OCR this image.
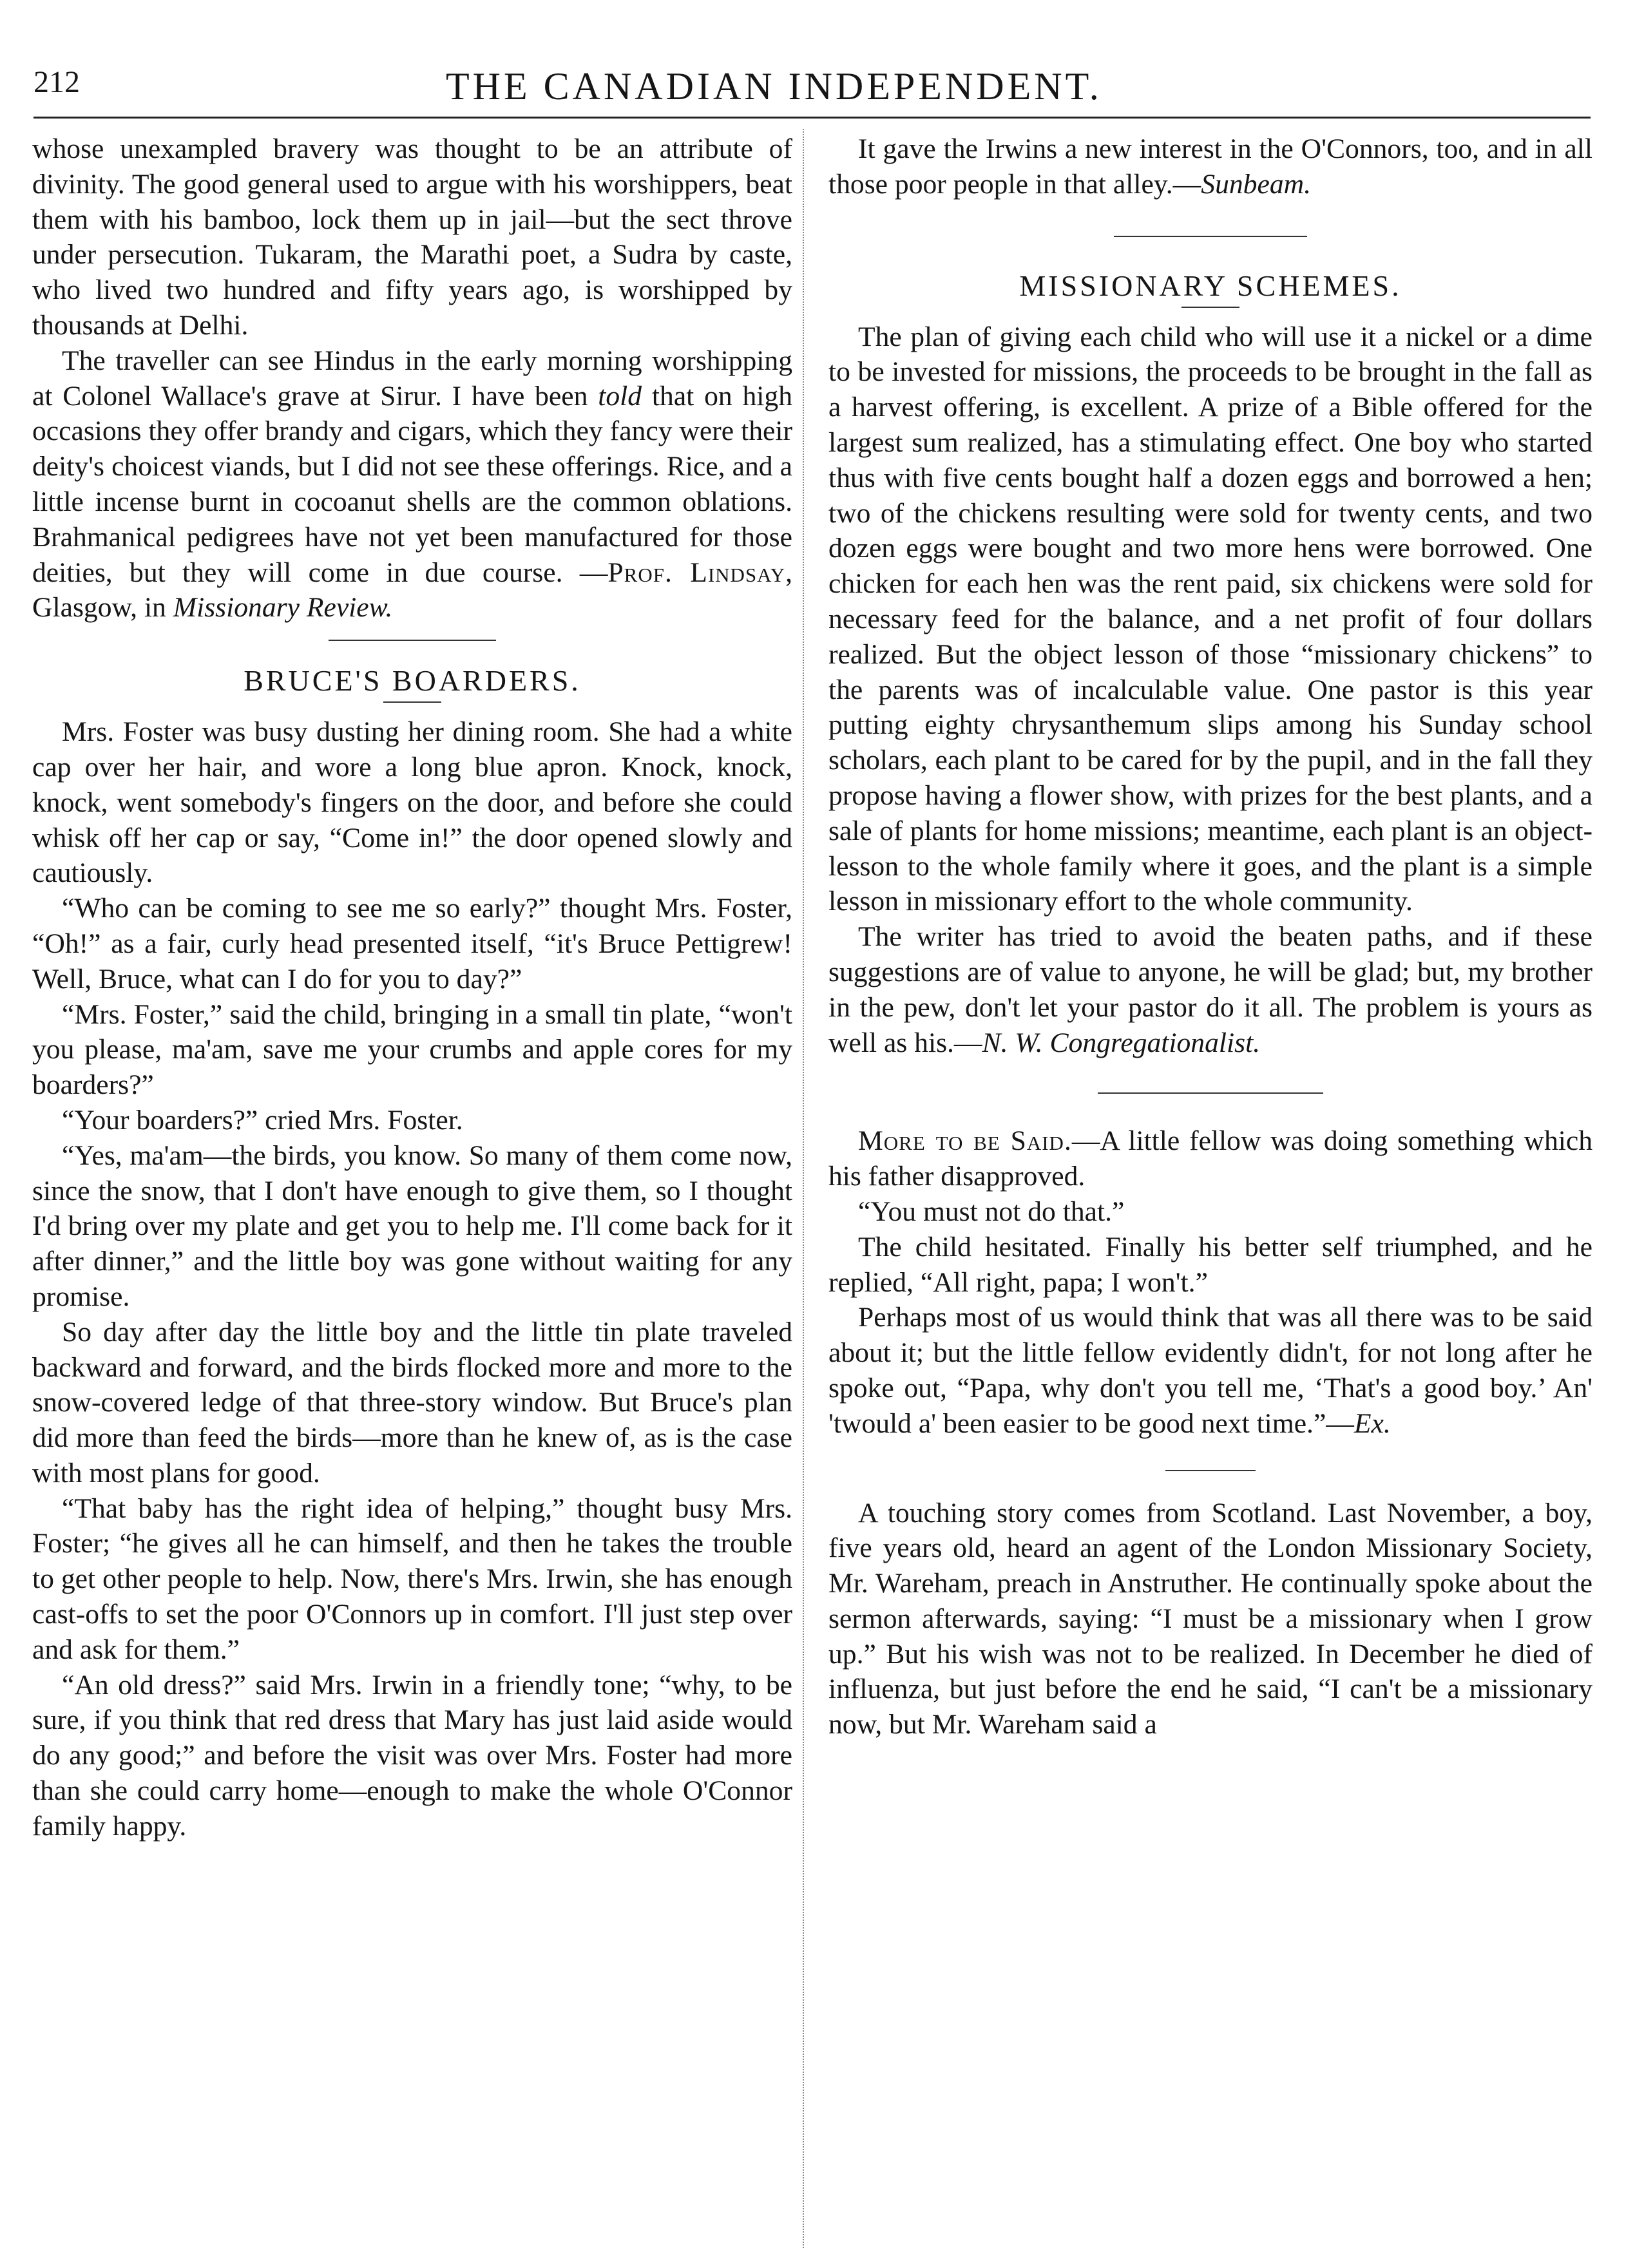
212	THE CANADIAN INDEPENDENT.

whose unexampled bravery was thought to be an attribute of divinity. The good general used to argue with his worshippers, beat them with his bamboo, lock them up in jail—but the sect throve under persecution. Tukaram, the Marathi poet, a Sudra by caste, who lived two hundred and fifty years ago, is worshipped by thousands at Delhi.

The traveller can see Hindus in the early morning worshipping at Colonel Wallace's grave at Sirur. I have been told that on high occasions they offer brandy and cigars, which they fancy were their deity's choicest viands, but I did not see these offerings. Rice, and a little incense burnt in cocoanut shells are the common oblations. Brahmanical pedigrees have not yet been manufactured for those deities, but they will come in due course. —Prof. Lindsay, Glasgow, in Missionary Review.

BRUCE'S BOARDERS.

Mrs. Foster was busy dusting her dining room. She had a white cap over her hair, and wore a long blue apron. Knock, knock, knock, went somebody's fingers on the door, and before she could whisk off her cap or say, “Come in!” the door opened slowly and cautiously.

“Who can be coming to see me so early?” thought Mrs. Foster, “Oh!” as a fair, curly head presented itself, “it's Bruce Pettigrew! Well, Bruce, what can I do for you to day?”

“Mrs. Foster,” said the child, bringing in a small tin plate, “won't you please, ma'am, save me your crumbs and apple cores for my boarders?”

“Your boarders?” cried Mrs. Foster.

“Yes, ma'am—the birds, you know. So many of them come now, since the snow, that I don't have enough to give them, so I thought I'd bring over my plate and get you to help me. I'll come back for it after dinner,” and the little boy was gone without waiting for any promise.

So day after day the little boy and the little tin plate traveled backward and forward, and the birds flocked more and more to the snow-covered ledge of that three-story window. But Bruce's plan did more than feed the birds—more than he knew of, as is the case with most plans for good.

“That baby has the right idea of helping,” thought busy Mrs. Foster; “he gives all he can himself, and then he takes the trouble to get other people to help. Now, there's Mrs. Irwin, she has enough cast-offs to set the poor O'Connors up in comfort. I'll just step over and ask for them.”

“An old dress?” said Mrs. Irwin in a friendly tone; “why, to be sure, if you think that red dress that Mary has just laid aside would do any good;” and before the visit was over Mrs. Foster had more than she could carry home—enough to make the whole O'Connor family happy.

It gave the Irwins a new interest in the O'Connors, too, and in all those poor people in that alley.—Sunbeam.

MISSIONARY SCHEMES.

The plan of giving each child who will use it a nickel or a dime to be invested for missions, the proceeds to be brought in the fall as a harvest offering, is excellent. A prize of a Bible offered for the largest sum realized, has a stimulating effect. One boy who started thus with five cents bought half a dozen eggs and borrowed a hen; two of the chickens resulting were sold for twenty cents, and two dozen eggs were bought and two more hens were borrowed. One chicken for each hen was the rent paid, six chickens were sold for necessary feed for the balance, and a net profit of four dollars realized. But the object lesson of those “missionary chickens” to the parents was of incalculable value. One pastor is this year putting eighty chrysanthemum slips among his Sunday school scholars, each plant to be cared for by the pupil, and in the fall they propose having a flower show, with prizes for the best plants, and a sale of plants for home missions; meantime, each plant is an object-lesson to the whole family where it goes, and the plant is a simple lesson in missionary effort to the whole community.

The writer has tried to avoid the beaten paths, and if these suggestions are of value to anyone, he will be glad; but, my brother in the pew, don't let your pastor do it all. The problem is yours as well as his.—N. W. Congregationalist.

More to be Said.—A little fellow was doing something which his father disapproved.

“You must not do that.”

The child hesitated. Finally his better self triumphed, and he replied, “All right, papa; I won't.”

Perhaps most of us would think that was all there was to be said about it; but the little fellow evidently didn't, for not long after he spoke out, “Papa, why don't you tell me, ‘That's a good boy.’ An' 'twould a' been easier to be good next time.”—Ex.

A touching story comes from Scotland. Last November, a boy, five years old, heard an agent of the London Missionary Society, Mr. Wareham, preach in Anstruther. He continually spoke about the sermon afterwards, saying: “I must be a missionary when I grow up.” But his wish was not to be realized. In December he died of influenza, but just before the end he said, “I can't be a missionary now, but Mr. Wareham said a
